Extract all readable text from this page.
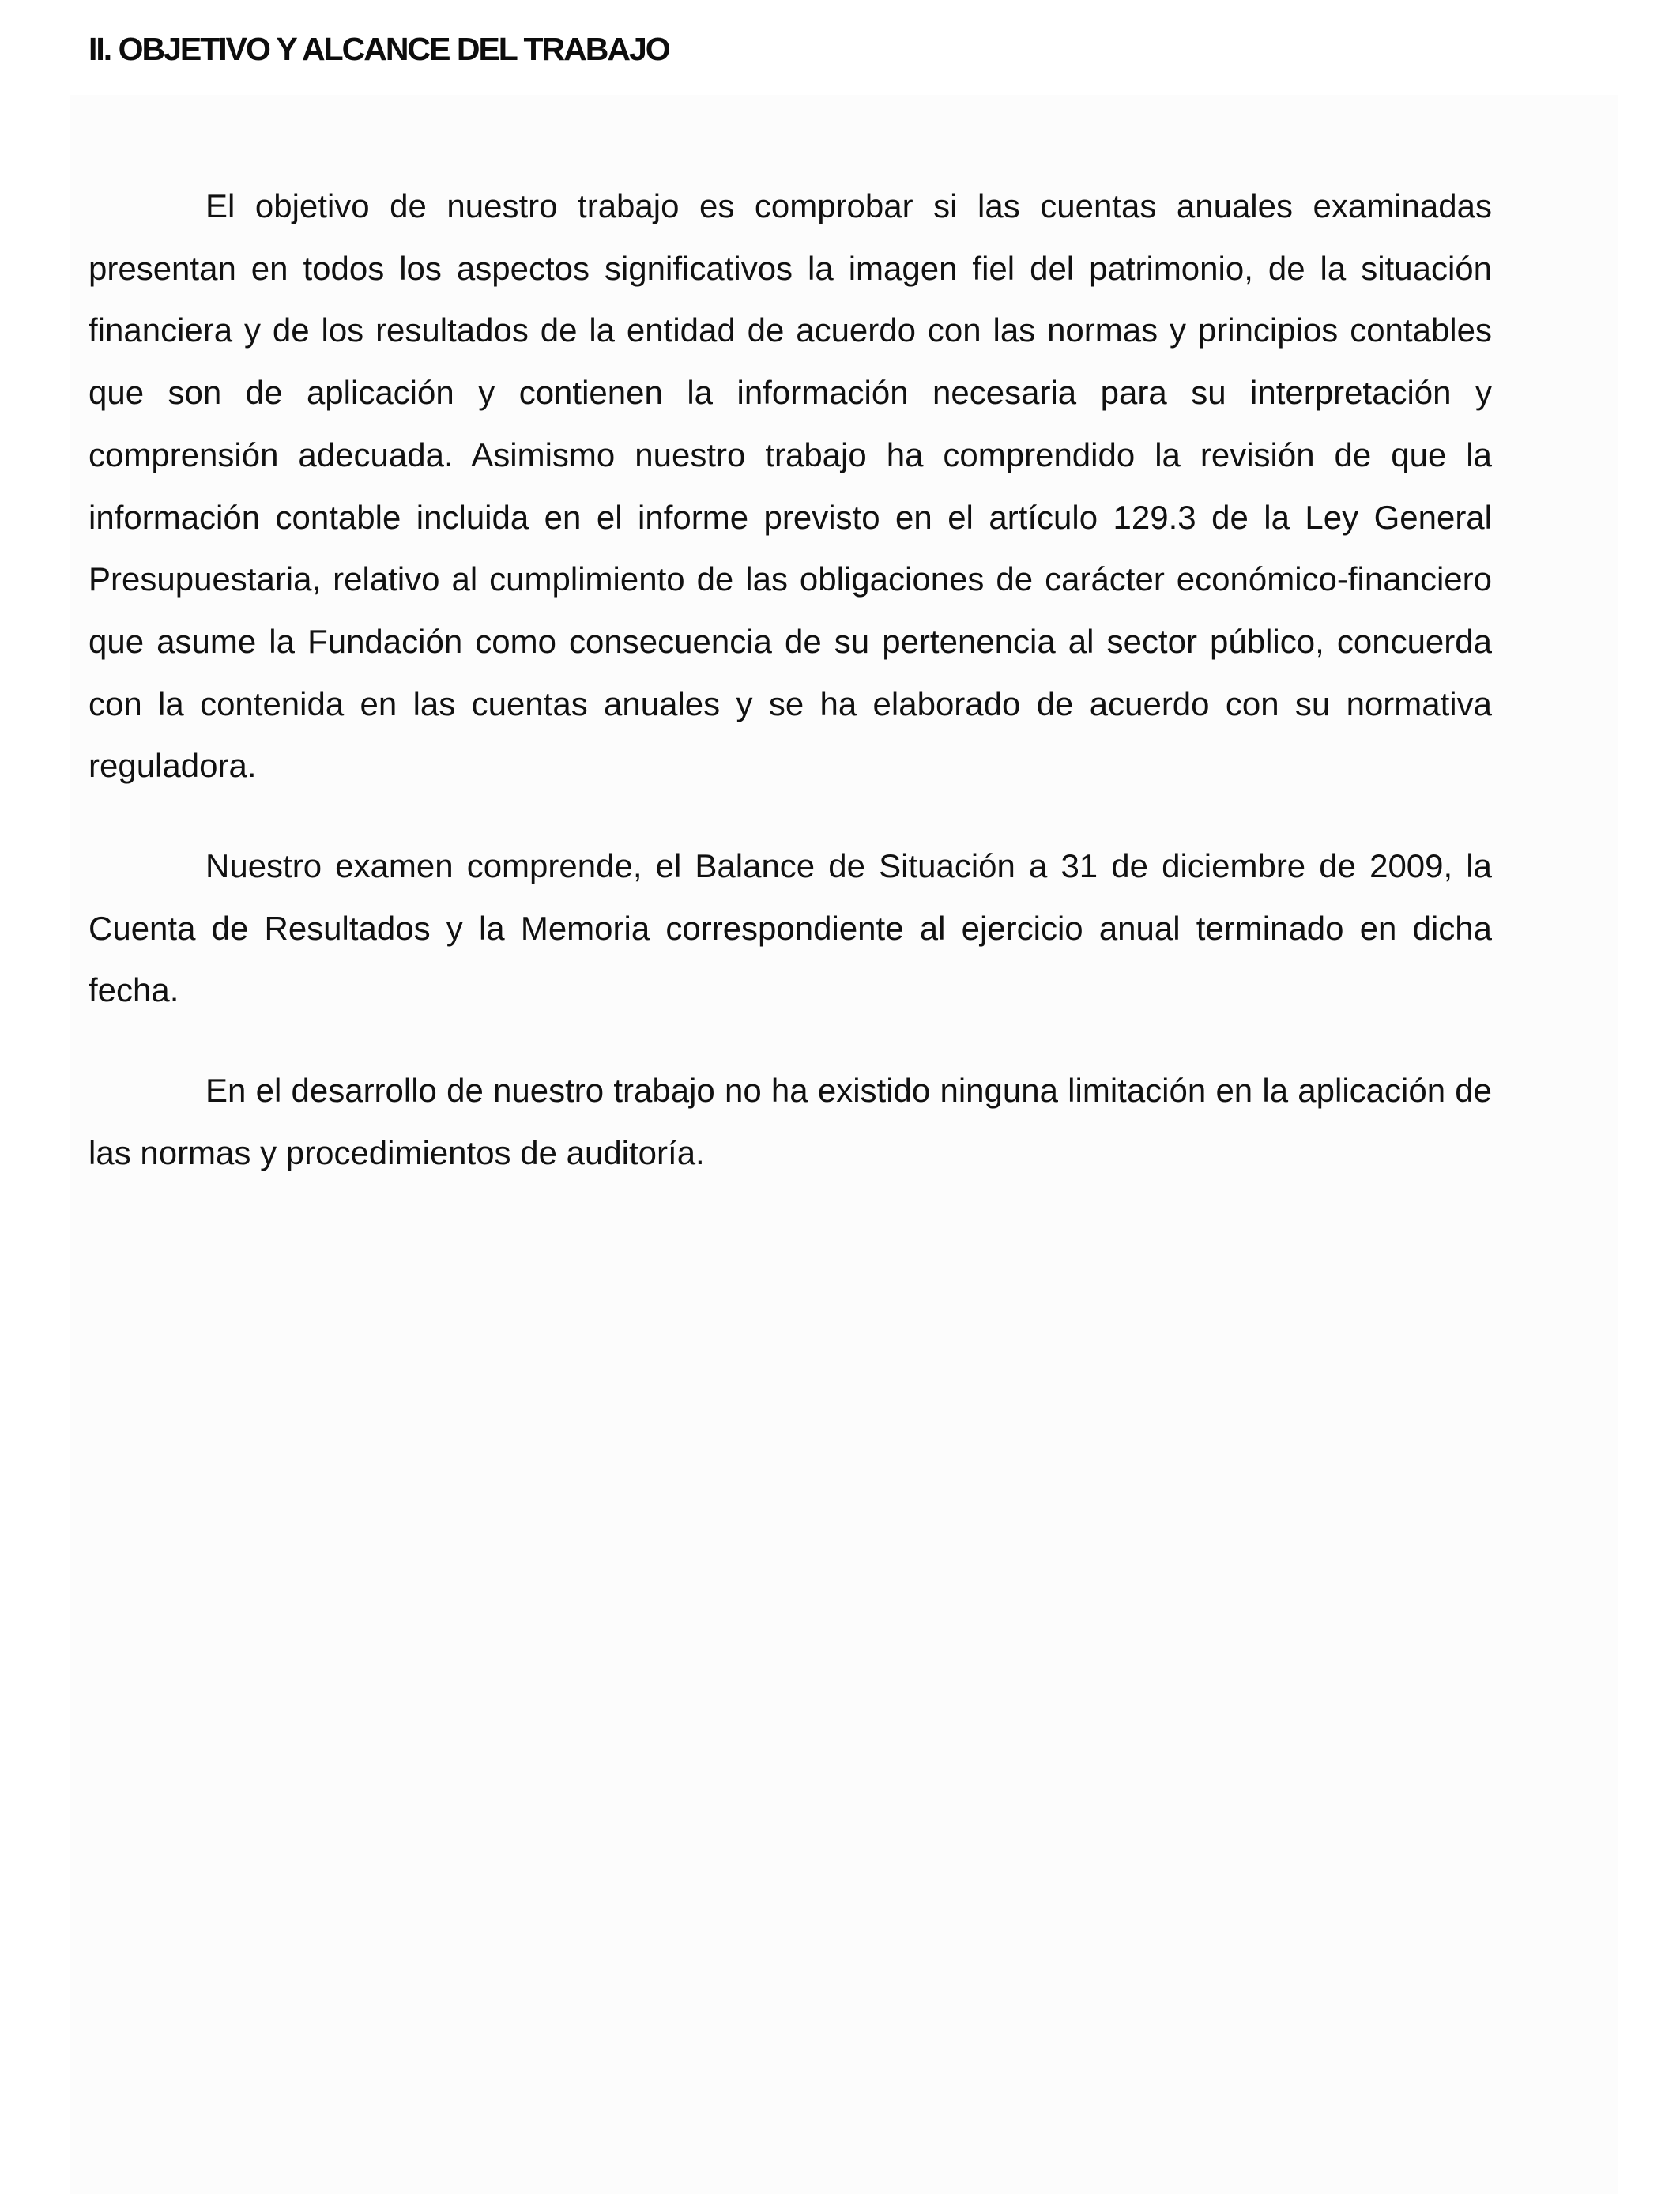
II. OBJETIVO Y ALCANCE DEL TRABAJO

El objetivo de nuestro trabajo es comprobar si las cuentas anuales examinadas presentan en todos los aspectos significativos la imagen fiel del patrimonio, de la situación financiera y de los resultados de la entidad de acuerdo con las normas y principios contables que son de aplicación y contienen la información necesaria para su interpretación y comprensión adecuada. Asimismo nuestro trabajo ha comprendido la revisión de que la información contable incluida en el informe previsto en el artículo 129.3 de la Ley General Presupuestaria, relativo al cumplimiento de las obligaciones de carácter económico-financiero que asume la Fundación como consecuencia de su pertenencia al sector público, concuerda con la contenida en las cuentas anuales y se ha elaborado de acuerdo con su normativa reguladora.

Nuestro examen comprende, el Balance de Situación a 31 de diciembre de 2009, la Cuenta de Resultados y la Memoria correspondiente al ejercicio anual terminado en dicha fecha.

En el desarrollo de nuestro trabajo no ha existido ninguna limitación en la aplicación de las normas y procedimientos de auditoría.
